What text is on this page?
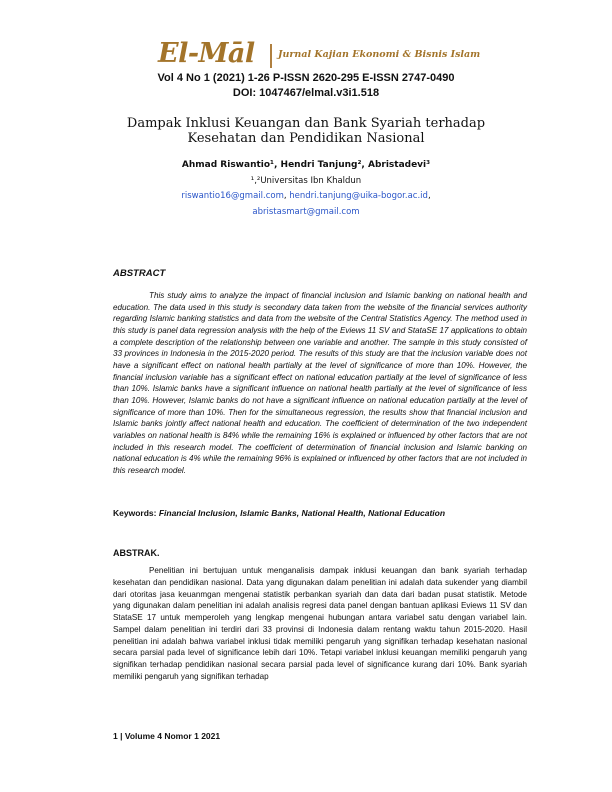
El-Māl Jurnal Kajian Ekonomi & Bisnis Islam
Vol 4 No 1 (2021) 1-26 P-ISSN 2620-295 E-ISSN 2747-0490
DOI: 1047467/elmal.v3i1.518
Dampak Inklusi Keuangan dan Bank Syariah terhadap
Kesehatan dan Pendidikan Nasional
Ahmad Riswantio¹, Hendri Tanjung², Abristadevi³
¹,²Universitas Ibn Khaldun
riswantio16@gmail.com, hendri.tanjung@uika-bogor.ac.id,
abristasmart@gmail.com
ABSTRACT

This study aims to analyze the impact of financial inclusion and Islamic banking on national health and education. The data used in this study is secondary data taken from the website of the financial services authority regarding Islamic banking statistics and data from the website of the Central Statistics Agency. The method used in this study is panel data regression analysis with the help of the Eviews 11 SV and StataSE 17 applications to obtain a complete description of the relationship between one variable and another. The sample in this study consisted of 33 provinces in Indonesia in the 2015-2020 period. The results of this study are that the inclusion variable does not have a significant effect on national health partially at the level of significance of more than 10%. However, the financial inclusion variable has a significant effect on national education partially at the level of significance of less than 10%. Islamic banks have a significant influence on national health partially at the level of significance of less than 10%. However, Islamic banks do not have a significant influence on national education partially at the level of significance of more than 10%. Then for the simultaneous regression, the results show that financial inclusion and Islamic banks jointly affect national health and education. The coefficient of determination of the two independent variables on national health is 84% while the remaining 16% is explained or influenced by other factors that are not included in this research model. The coefficient of determination of financial inclusion and Islamic banking on national education is 4% while the remaining 96% is explained or influenced by other factors that are not included in this research model.

Keywords: Financial Inclusion, Islamic Banks, National Health, National Education
ABSTRAK.

Penelitian ini bertujuan untuk menganalisis dampak inklusi keuangan dan bank syariah terhadap kesehatan dan pendidikan nasional. Data yang digunakan dalam penelitian ini adalah data sukender yang diambil dari otoritas jasa keuanmgan mengenai statistik perbankan syariah dan data dari badan pusat statistik. Metode yang digunakan dalam penelitian ini adalah analisis regresi data panel dengan bantuan aplikasi Eviews 11 SV dan StataSE 17 untuk memperoleh yang lengkap mengenai hubungan antara variabel satu dengan variabel lain. Sampel dalam penelitian ini terdiri dari 33 provinsi di Indonesia dalam rentang waktu tahun 2015-2020. Hasil penelitian ini adalah bahwa variabel inklusi tidak memiliki pengaruh yang signifikan terhadap kesehatan nasional secara parsial pada level of significance lebih dari 10%. Tetapi variabel inklusi keuangan memiliki pengaruh yang signifikan terhadap pendidikan nasional secara parsial pada level of significance kurang dari 10%. Bank syariah memiliki pengaruh yang signifikan terhadap

1 | Volume 4 Nomor 1 2021
